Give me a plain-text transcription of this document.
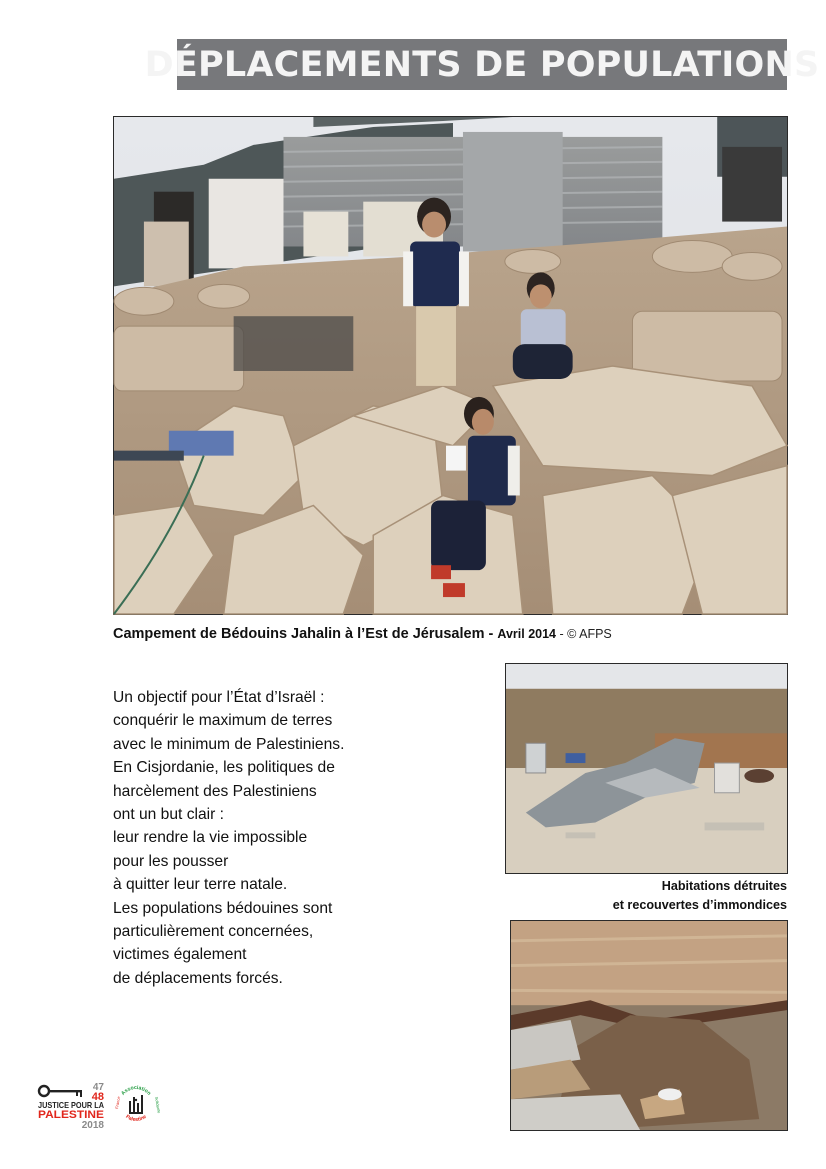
DÉPLACEMENTS DE POPULATIONS
Campement de Bédouins Jahalin à l’Est de Jérusalem - Avril 2014 - © AFPS
Un objectif pour l’État d’Israël :
conquérir le maximum de terres
avec le minimum de Palestiniens.
En Cisjordanie, les politiques de
harcèlement des Palestiniens
ont un but clair :
leur rendre la vie impossible
pour les pousser
à quitter leur terre natale.
Les populations bédouines sont
particulièrement concernées,
victimes également
de déplacements forcés.
Habitations détruites
et recouvertes d’immondices
47
48
JUSTICE POUR LA
PALESTINE
2018
Association
Palestine
France	Solidarité
